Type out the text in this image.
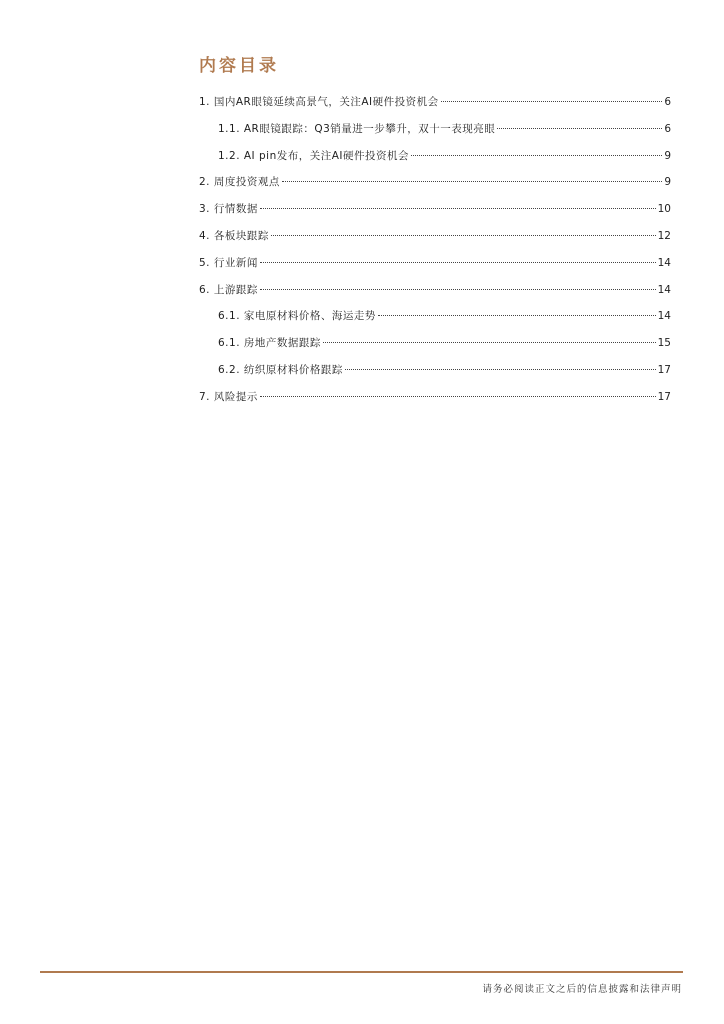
内容目录
1. 国内AR眼镜延续高景气，关注AI硬件投资机会	6
1.1. AR眼镜跟踪：Q3销量进一步攀升，双十一表现亮眼	6
1.2. AI pin发布，关注AI硬件投资机会	9
2. 周度投资观点	9
3. 行情数据	10
4. 各板块跟踪	12
5. 行业新闻	14
6. 上游跟踪	14
6.1. 家电原材料价格、海运走势	14
6.1. 房地产数据跟踪	15
6.2. 纺织原材料价格跟踪	17
7. 风险提示	17
请务必阅读正文之后的信息披露和法律声明
